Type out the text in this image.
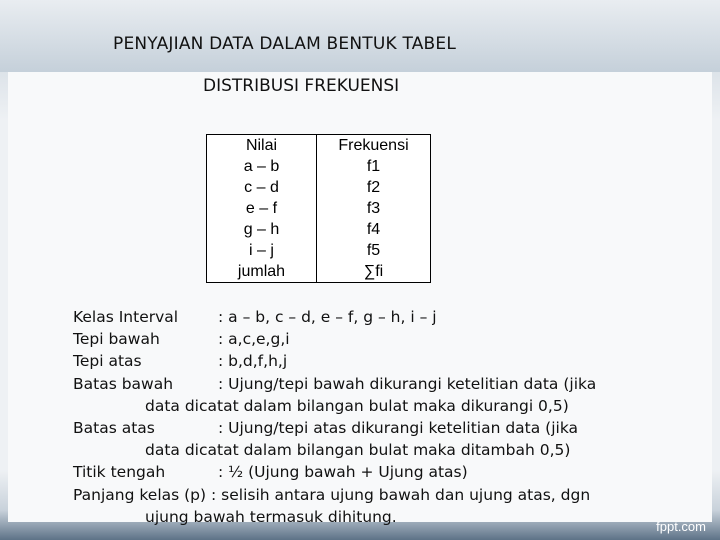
PENYAJIAN DATA DALAM BENTUK TABEL
DISTRIBUSI FREKUENSI
Nilai	Frekuensi
a – b	f1
c – d	f2
e – f	f3
g – h	f4
i – j	f5
jumlah	∑fi
Kelas Interval	: a – b, c – d, e – f, g – h, i – j
Tepi bawah	: a,c,e,g,i
Tepi atas	: b,d,f,h,j
Batas bawah	: Ujung/tepi bawah dikurangi ketelitian data (jika
data dicatat dalam bilangan bulat maka dikurangi 0,5)
Batas atas	: Ujung/tepi atas dikurangi ketelitian data (jika
data dicatat dalam bilangan bulat maka ditambah 0,5)
Titik tengah	: ½ (Ujung bawah + Ujung atas)
Panjang kelas (p) : selisih antara ujung bawah dan ujung atas, dgn
ujung bawah termasuk dihitung.
fppt.com
